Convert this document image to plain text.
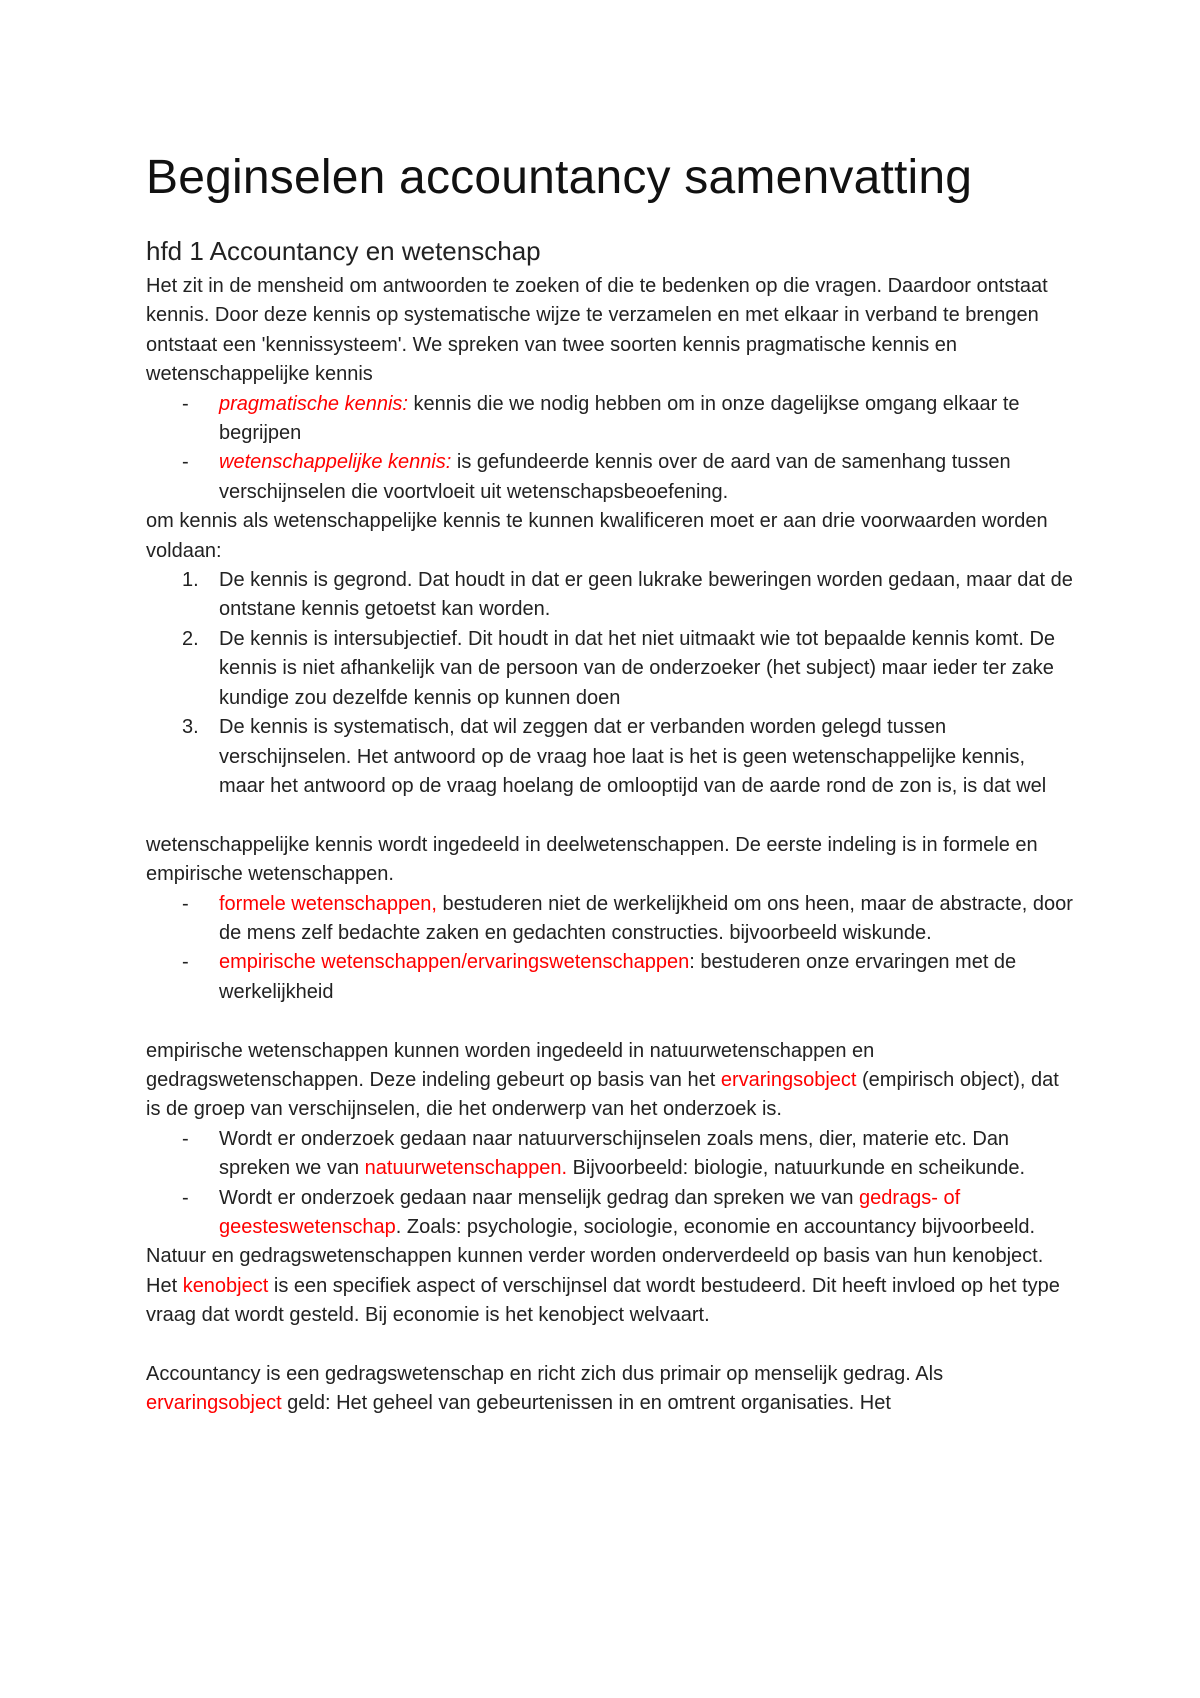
Beginselen accountancy samenvatting
hfd 1 Accountancy en wetenschap

Het zit in de mensheid om antwoorden te zoeken of die te bedenken op die vragen. Daardoor ontstaat kennis. Door deze kennis op systematische wijze te verzamelen en met elkaar in verband te brengen ontstaat een 'kennissysteem'. We spreken van twee soorten kennis pragmatische kennis en wetenschappelijke kennis

- pragmatische kennis: kennis die we nodig hebben om in onze dagelijkse omgang elkaar te begrijpen
- wetenschappelijke kennis: is gefundeerde kennis over de aard van de samenhang tussen verschijnselen die voortvloeit uit wetenschapsbeoefening.

om kennis als wetenschappelijke kennis te kunnen kwalificeren moet er aan drie voorwaarden worden voldaan:

1. De kennis is gegrond. Dat houdt in dat er geen lukrake beweringen worden gedaan, maar dat de ontstane kennis getoetst kan worden.
2. De kennis is intersubjectief. Dit houdt in dat het niet uitmaakt wie tot bepaalde kennis komt. De kennis is niet afhankelijk van de persoon van de onderzoeker (het subject) maar ieder ter zake kundige zou dezelfde kennis op kunnen doen
3. De kennis is systematisch, dat wil zeggen dat er verbanden worden gelegd tussen verschijnselen. Het antwoord op de vraag hoe laat is het is geen wetenschappelijke kennis, maar het antwoord op de vraag hoelang de omlooptijd van de aarde rond de zon is, is dat wel

wetenschappelijke kennis wordt ingedeeld in deelwetenschappen. De eerste indeling is in formele en empirische wetenschappen.

- formele wetenschappen, bestuderen niet de werkelijkheid om ons heen, maar de abstracte, door de mens zelf bedachte zaken en gedachten constructies. bijvoorbeeld wiskunde.
- empirische wetenschappen/ervaringswetenschappen: bestuderen onze ervaringen met de werkelijkheid

empirische wetenschappen kunnen worden ingedeeld in natuurwetenschappen en gedragswetenschappen. Deze indeling gebeurt op basis van het ervaringsobject (empirisch object), dat is de groep van verschijnselen, die het onderwerp van het onderzoek is.

- Wordt er onderzoek gedaan naar natuurverschijnselen zoals mens, dier, materie etc. Dan spreken we van natuurwetenschappen. Bijvoorbeeld: biologie, natuurkunde en scheikunde.
- Wordt er onderzoek gedaan naar menselijk gedrag dan spreken we van gedrags- of geesteswetenschap. Zoals: psychologie, sociologie, economie en accountancy bijvoorbeeld.

Natuur en gedragswetenschappen kunnen verder worden onderverdeeld op basis van hun kenobject. Het kenobject is een specifiek aspect of verschijnsel dat wordt bestudeerd. Dit heeft invloed op het type vraag dat wordt gesteld. Bij economie is het kenobject welvaart.

Accountancy is een gedragswetenschap en richt zich dus primair op menselijk gedrag. Als ervaringsobject geld: Het geheel van gebeurtenissen in en omtrent organisaties. Het
